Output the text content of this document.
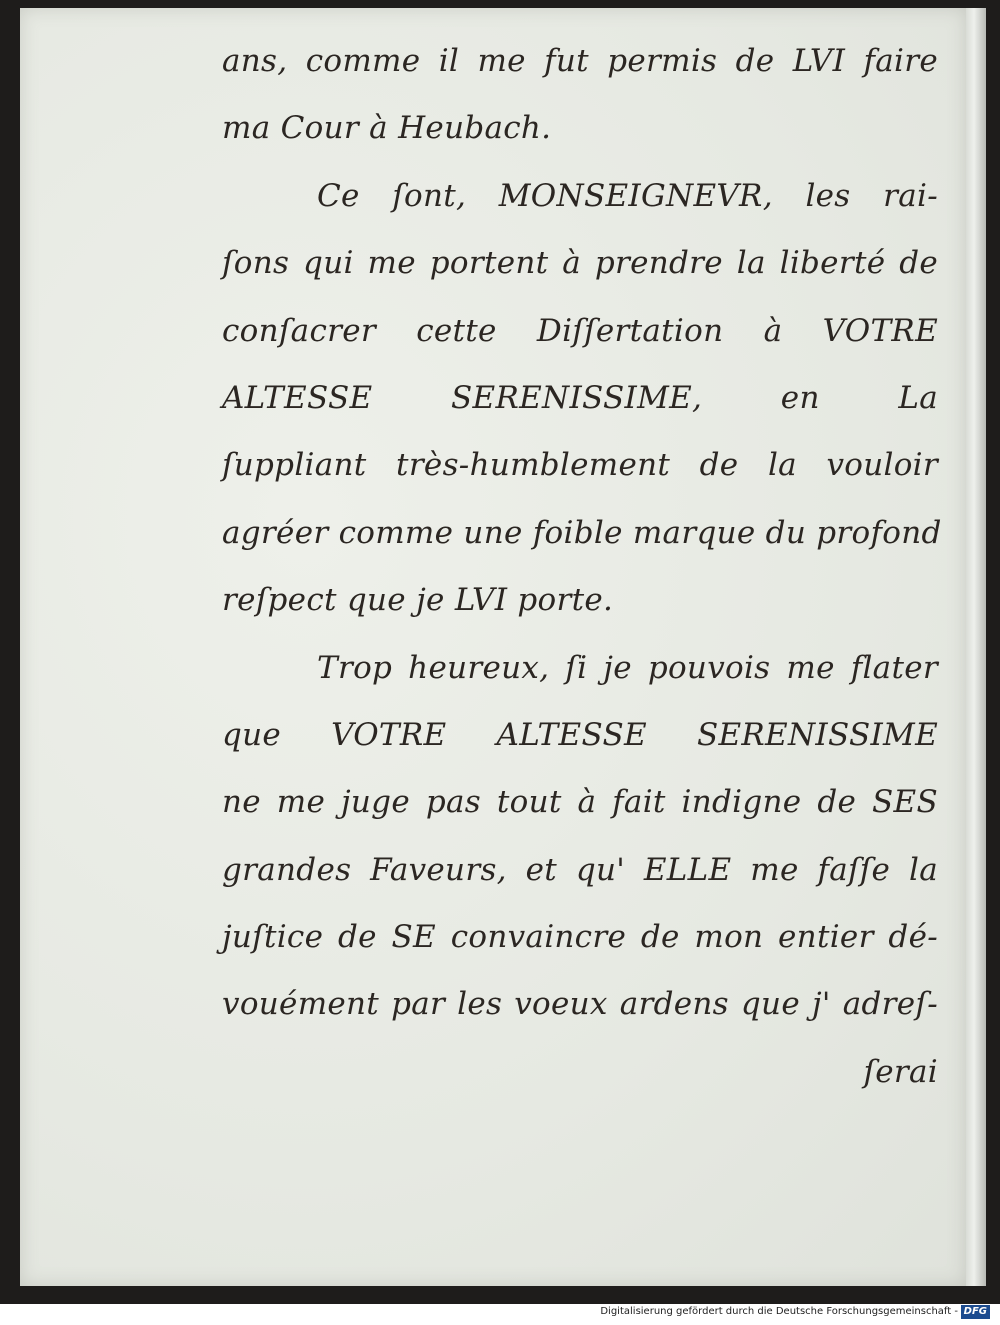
ans, comme il me fut permis de LVI faire
ma Cour à Heubach.
Ce ſont, MONSEIGNEVR, les rai-
ſons qui me portent à prendre la liberté de
conſacrer cette Diſſertation à VOTRE
ALTESSE SERENISSIME, en La
ſuppliant très-humblement de la vouloir
agréer comme une foible marque du profond
reſpect que je LVI porte.
Trop heureux, ſi je pouvois me flater
que VOTRE ALTESSE SERENISSIME
ne me juge pas tout à fait indigne de SES
grandes Faveurs, et qu' ELLE me faſſe la
juſtice de SE convaincre de mon entier dé-
vouément par les voeux ardens que j' adreſ-
ſerai
Digitalisierung gefördert durch die Deutsche Forschungsgemeinschaft - DFG
